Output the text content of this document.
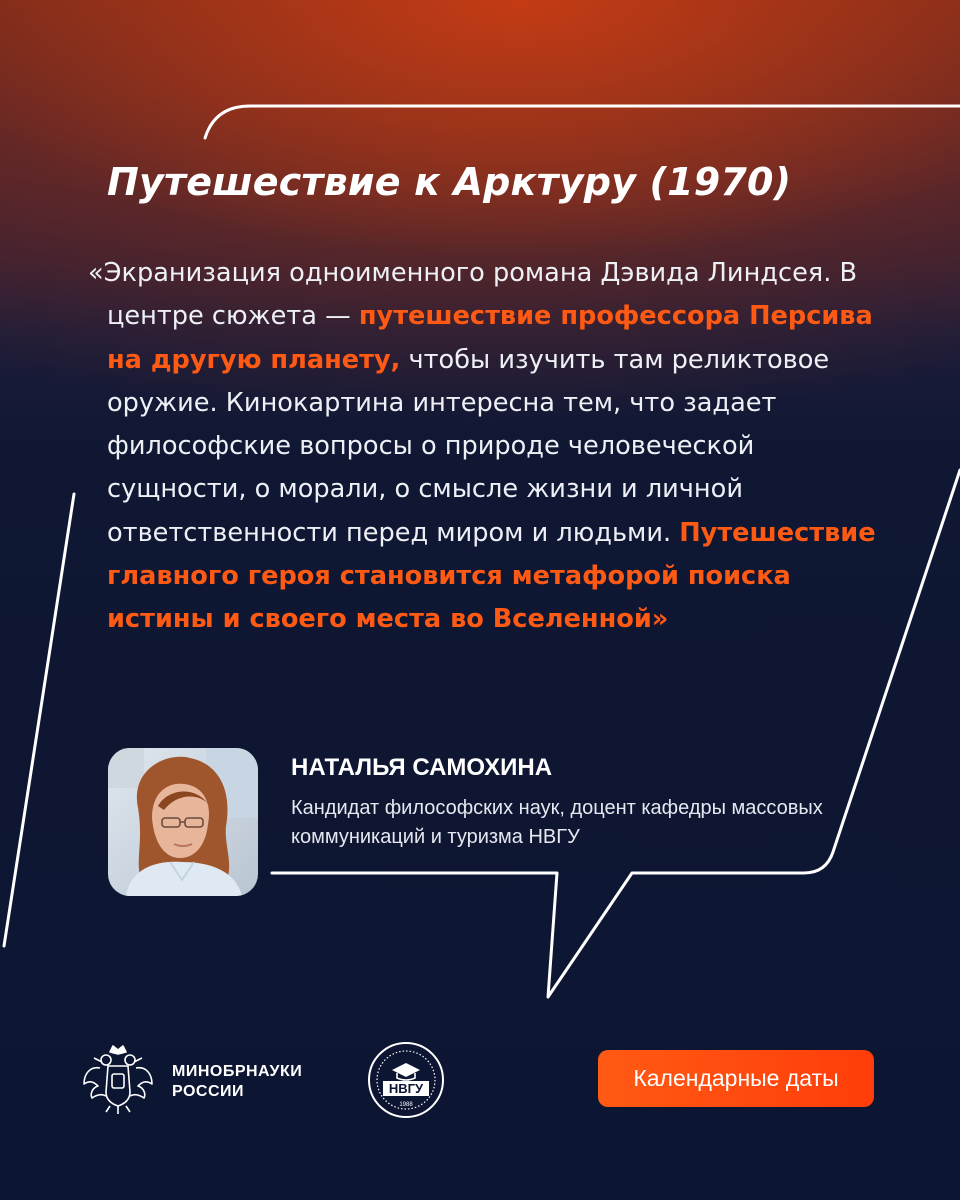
Путешествие к Арктуру (1970)
«Экранизация одноименного романа Дэвида Линдсея. В центре сюжета — путешествие профессора Персива на другую планету, чтобы изучить там реликтовое оружие. Кинокартина интересна тем, что задает философские вопросы о природе человеческой сущности, о морали, о смысле жизни и личной ответственности перед миром и людьми. Путешествие главного героя становится метафорой поиска истины и своего места во Вселенной»
НАТАЛЬЯ САМОХИНА
Кандидат философских наук, доцент кафедры массовых коммуникаций и туризма НВГУ
МИНОБРНАУКИ
РОССИИ	НВГУ
1988
Календарные даты
